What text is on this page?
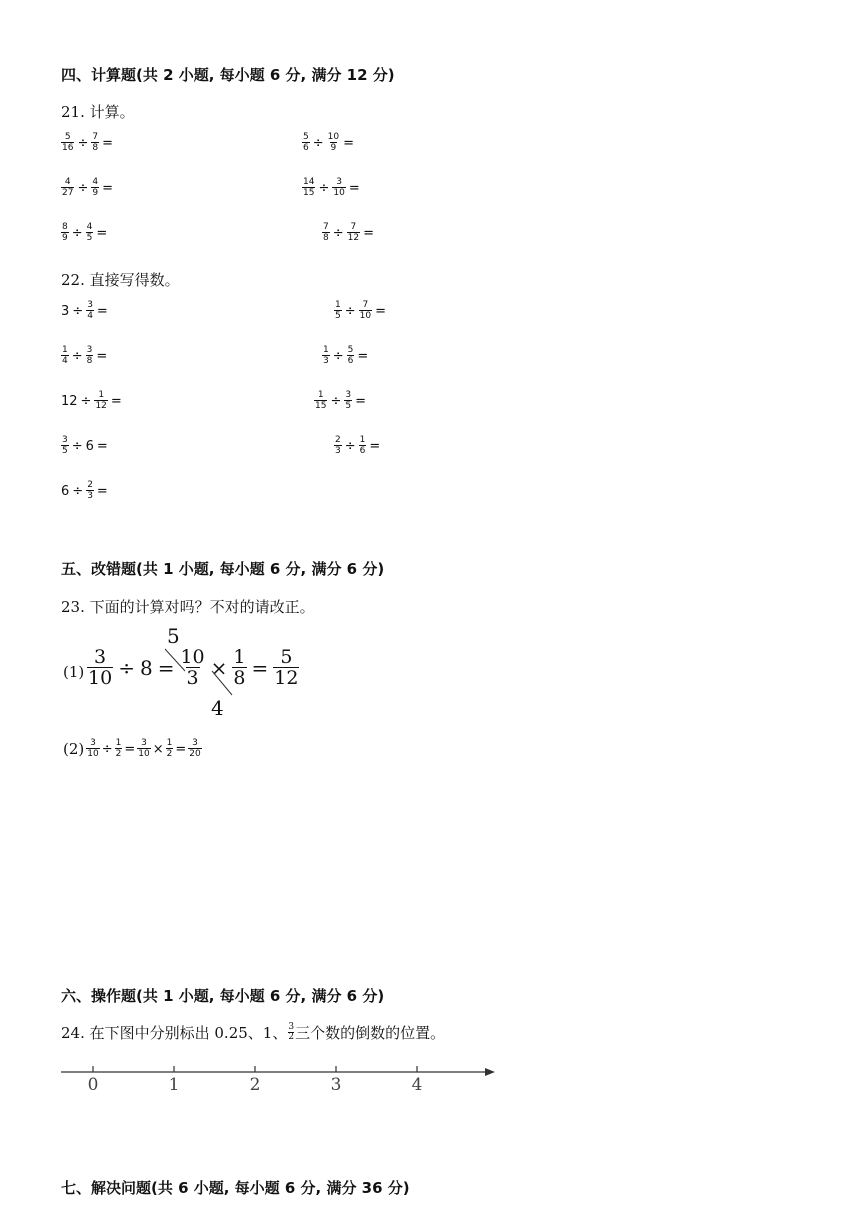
四、计算题(共 2 小题, 每小题 6 分, 满分 12 分)
21. 计算。
$\frac{5}{16} \div \frac{7}{8}$ =	$\frac{5}{6} \div \frac{10}{9}$ =
$\frac{4}{27} \div \frac{4}{9}$ =	$\frac{14}{15} \div \frac{3}{10}$ =
$\frac{8}{9} \div \frac{4}{5}$ =	$\frac{7}{8} \div \frac{7}{12}$ =
22. 直接写得数。
$3 \div \frac{3}{4}$ =	$\frac{1}{5} \div \frac{7}{10}$ =
$\frac{1}{4} \div \frac{3}{8}$ =	$\frac{1}{3} \div \frac{5}{6}$ =
$12 \div \frac{1}{12}$ =	$\frac{1}{15} \div \frac{3}{5}$ =
$\frac{3}{5} \div 6$ =	$\frac{2}{3} \div \frac{1}{6}$ =
$6 \div \frac{2}{3}$ =
五、改错题(共 1 小题, 每小题 6 分, 满分 6 分)
23. 下面的计算对吗？不对的请改正。
$(1) \frac{3}{10} \div 8 = \frac{10}{3} \times \frac{1}{8} = \frac{5}{12}$
5
4
$(2) \frac{3}{10} \div \frac{1}{2} = \frac{3}{10} \times \frac{1}{2} = \frac{3}{20}$
六、操作题(共 1 小题, 每小题 6 分, 满分 6 分)
24. 在下图中分别标出 0.25、1、 $\frac{3}{2}$ 三个数的倒数的位置。
0	1	2	3	4
七、解决问题(共 6 小题, 每小题 6 分, 满分 36 分)
